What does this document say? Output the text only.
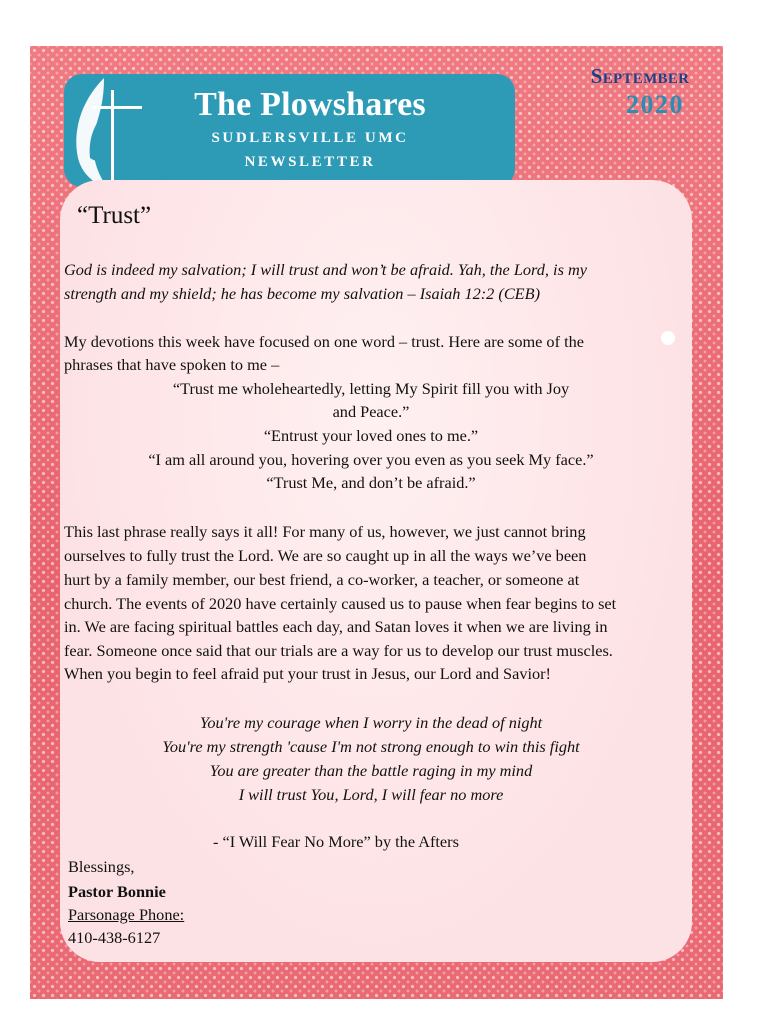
The Plowshares
SUDLERSVILLE UMC
NEWSLETTER
September
2020
“Trust”
God is indeed my salvation; I will trust and won’t be afraid. Yah, the Lord, is my
strength and my shield; he has become my salvation – Isaiah 12:2 (CEB)
My devotions this week have focused on one word – trust. Here are some of the
phrases that have spoken to me –
“Trust me wholeheartedly, letting My Spirit fill you with Joy
and Peace.”
“Entrust your loved ones to me.”
“I am all around you, hovering over you even as you seek My face.”
“Trust Me, and don’t be afraid.”
This last phrase really says it all! For many of us, however, we just cannot bring
ourselves to fully trust the Lord. We are so caught up in all the ways we’ve been
hurt by a family member, our best friend, a co-worker, a teacher, or someone at
church. The events of 2020 have certainly caused us to pause when fear begins to set
in. We are facing spiritual battles each day, and Satan loves it when we are living in
fear. Someone once said that our trials are a way for us to develop our trust muscles.
When you begin to feel afraid put your trust in Jesus, our Lord and Savior!
You're my courage when I worry in the dead of night
You're my strength 'cause I'm not strong enough to win this fight
You are greater than the battle raging in my mind
I will trust You, Lord, I will fear no more
- “I Will Fear No More” by the Afters
Blessings,
Pastor Bonnie
Parsonage Phone:
410-438-6127
